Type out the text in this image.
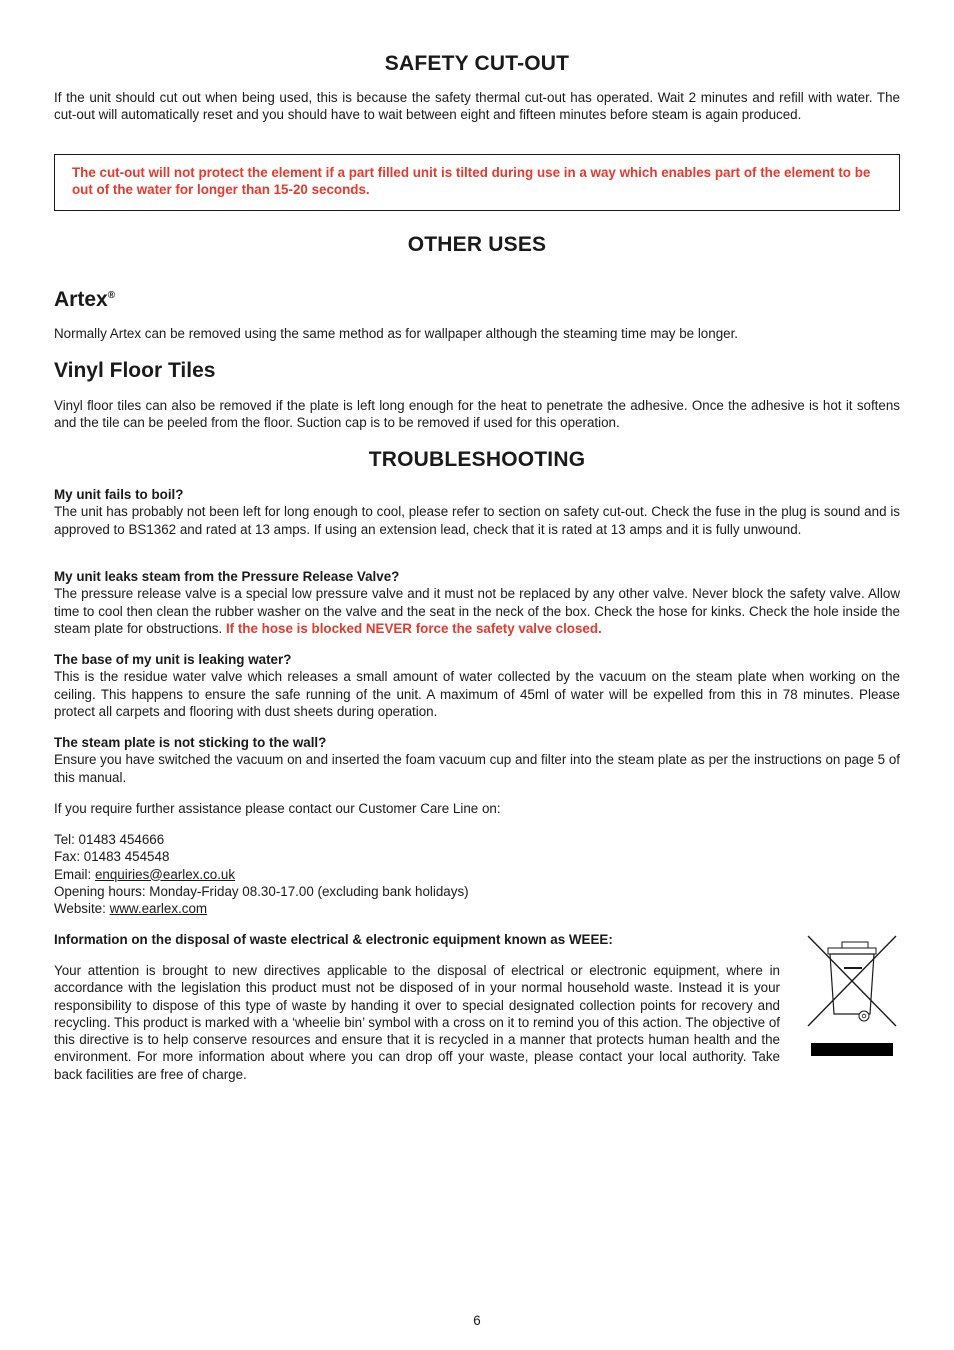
SAFETY CUT-OUT

If the unit should cut out when being used, this is because the safety thermal cut-out has operated. Wait 2 minutes and refill with water. The cut-out will automatically reset and you should have to wait between eight and fifteen minutes before steam is again produced.

The cut-out will not protect the element if a part filled unit is tilted during use in a way which enables part of the element to be out of the water for longer than 15-20 seconds.

OTHER USES
Artex®

Normally Artex can be removed using the same method as for wallpaper although the steaming time may be longer.

Vinyl Floor Tiles

Vinyl floor tiles can also be removed if the plate is left long enough for the heat to penetrate the adhesive. Once the adhesive is hot it softens and the tile can be peeled from the floor. Suction cap is to be removed if used for this operation.

TROUBLESHOOTING

My unit fails to boil?

The unit has probably not been left for long enough to cool, please refer to section on safety cut-out. Check the fuse in the plug is sound and is approved to BS1362 and rated at 13 amps. If using an extension lead, check that it is rated at 13 amps and it is fully unwound.

My unit leaks steam from the Pressure Release Valve?

The pressure release valve is a special low pressure valve and it must not be replaced by any other valve. Never block the safety valve. Allow time to cool then clean the rubber washer on the valve and the seat in the neck of the box. Check the hose for kinks. Check the hole inside the steam plate for obstructions. If the hose is blocked NEVER force the safety valve closed.

The base of my unit is leaking water?

This is the residue water valve which releases a small amount of water collected by the vacuum on the steam plate when working on the ceiling. This happens to ensure the safe running of the unit. A maximum of 45ml of water will be expelled from this in 78 minutes. Please protect all carpets and flooring with dust sheets during operation.

The steam plate is not sticking to the wall?

Ensure you have switched the vacuum on and inserted the foam vacuum cup and filter into the steam plate as per the instructions on page 5 of this manual.

If you require further assistance please contact our Customer Care Line on:

Tel: 01483 454666

Fax: 01483 454548

Email: enquiries@earlex.co.uk

Opening hours: Monday-Friday 08.30-17.00 (excluding bank holidays)

Website: www.earlex.com

Information on the disposal of waste electrical & electronic equipment known as WEEE:

Your attention is brought to new directives applicable to the disposal of electrical or electronic equipment, where in accordance with the legislation this product must not be disposed of in your normal household waste. Instead it is your responsibility to dispose of this type of waste by handing it over to special designated collection points for recovery and recycling. This product is marked with a ‘wheelie bin’ symbol with a cross on it to remind you of this action. The objective of this directive is to help conserve resources and ensure that it is recycled in a manner that protects human health and the environment. For more information about where you can drop off your waste, please contact your local authority. Take back facilities are free of charge.

6
